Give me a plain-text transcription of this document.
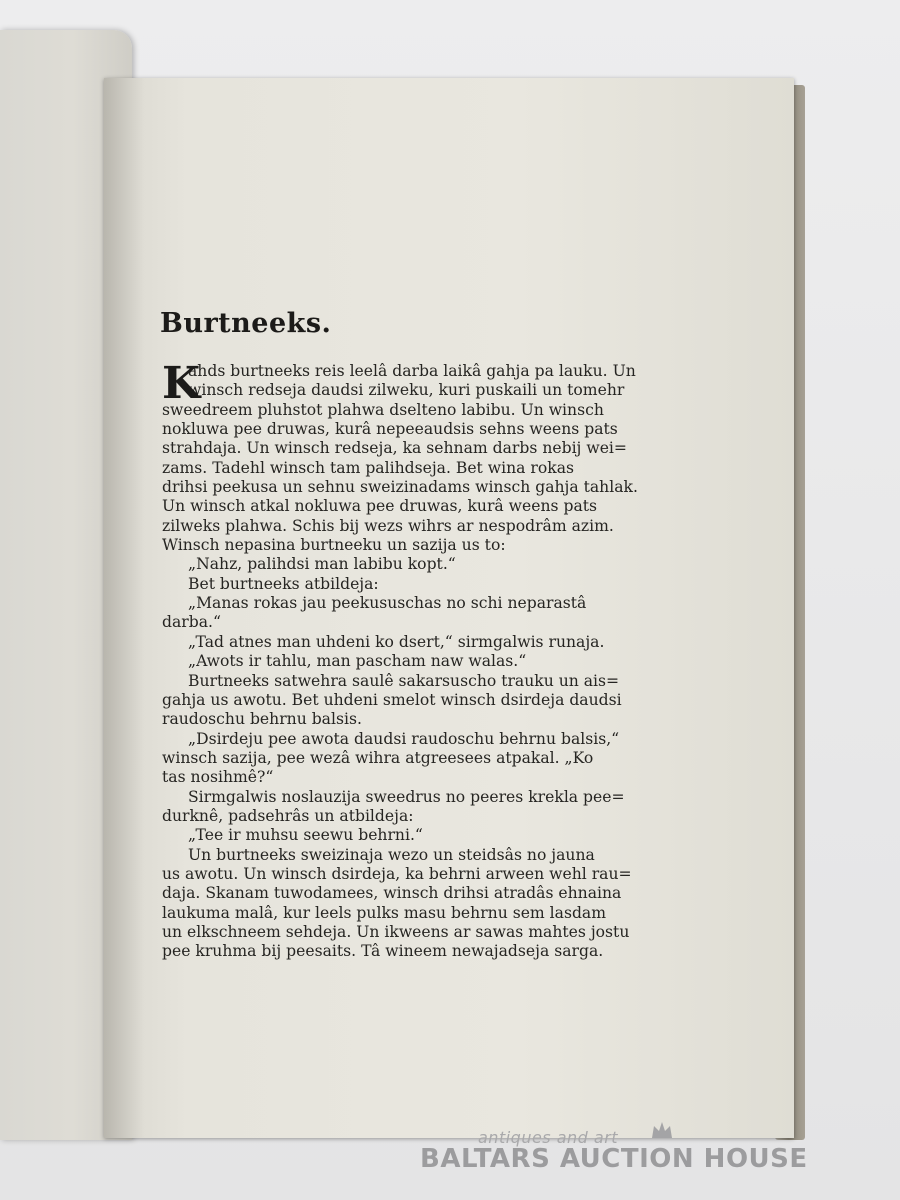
Burtneeks.
K
ahds burtneeks reis leelâ darba laikâ gahja pa lauku. Un
winsch redseja daudsi zilweku, kuri puskaili un tomehr
sweedreem pluhstot plahwa dselteno labibu. Un winsch
nokluwa pee druwas, kurâ nepeeaudsis sehns weens pats
strahdaja. Un winsch redseja, ka sehnam darbs nebij wei=
zams. Tadehl winsch tam palihdseja. Bet wina rokas
drihsi peekusa un sehnu sweizinadams winsch gahja tahlak.
Un winsch atkal nokluwa pee druwas, kurâ weens pats
zilweks plahwa. Schis bij wezs wihrs ar nespodrâm azim.
Winsch nepasina burtneeku un sazija us to:
„Nahz, palihdsi man labibu kopt.“
Bet burtneeks atbildeja:
„Manas rokas jau peekususchas no schi neparastâ
darba.“
„Tad atnes man uhdeni ko dsert,“ sirmgalwis runaja.
„Awots ir tahlu, man pascham naw walas.“
Burtneeks satwehra saulê sakarsuscho trauku un ais=
gahja us awotu. Bet uhdeni smelot winsch dsirdeja daudsi
raudoschu behrnu balsis.
„Dsirdeju pee awota daudsi raudoschu behrnu balsis,“
winsch sazija, pee wezâ wihra atgreesees atpakal. „Ko
tas nosihmê?“
Sirmgalwis noslauzija sweedrus no peeres krekla pee=
durknê, padsehrâs un atbildeja:
„Tee ir muhsu seewu behrni.“
Un burtneeks sweizinaja wezo un steidsâs no jauna
us awotu. Un winsch dsirdeja, ka behrni arween wehl rau=
daja. Skanam tuwodamees, winsch drihsi atradâs ehnaina
laukuma malâ, kur leels pulks masu behrnu sem lasdam
un elkschneem sehdeja. Un ikweens ar sawas mahtes jostu
pee kruhma bij peesaits. Tâ wineem newajadseja sarga.
antiques and art
BALTARS AUCTION HOUSE
